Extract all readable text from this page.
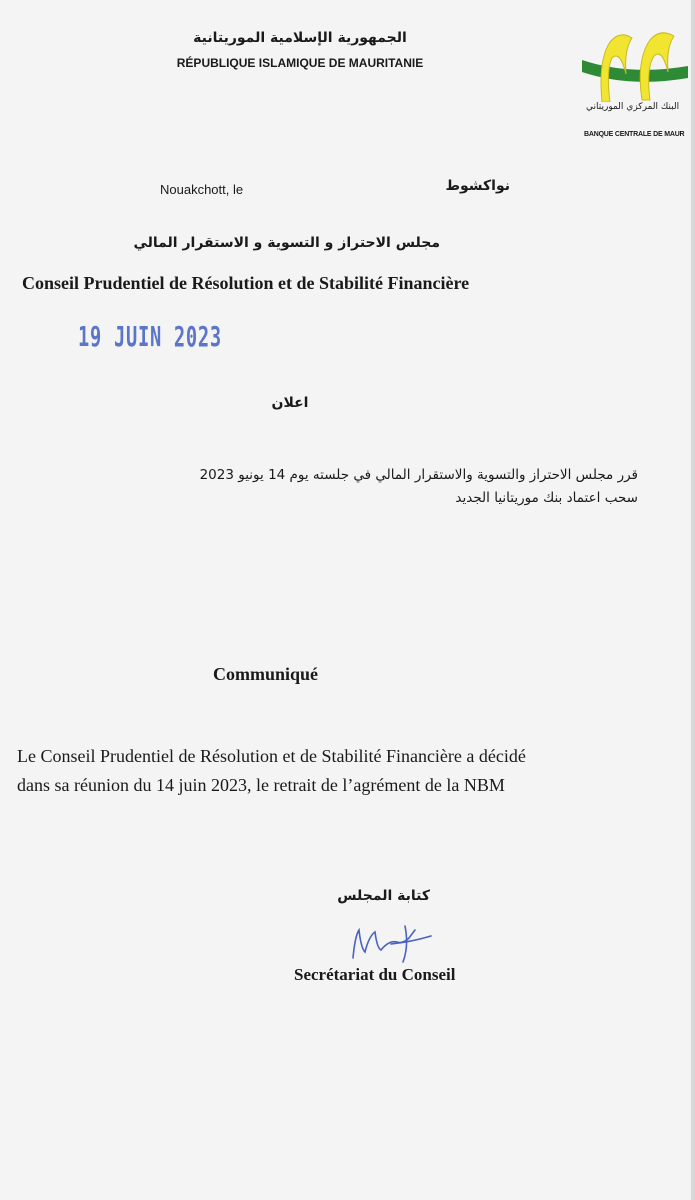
الجمهورية الإسلامية الموريتانية
RÉPUBLIQUE ISLAMIQUE DE MAURITANIE
البنك المركزي الموريتاني
BANQUE CENTRALE DE MAUR
Nouakchott, le	نواكشوط
مجلس الاحتراز و التسوية و الاستقرار المالي
Conseil Prudentiel de Résolution et de Stabilité Financière
19 JUIN 2023
اعلان
قرر مجلس الاحتراز والتسوية والاستقرار المالي في جلسته يوم 14 يونيو 2023
سحب اعتماد بنك موريتانيا الجديد
Communiqué
Le Conseil Prudentiel de Résolution et de Stabilité Financière a décidé
dans sa réunion du 14 juin 2023, le retrait de l’agrément de la NBM
كتابة المجلس
Secrétariat du Conseil
